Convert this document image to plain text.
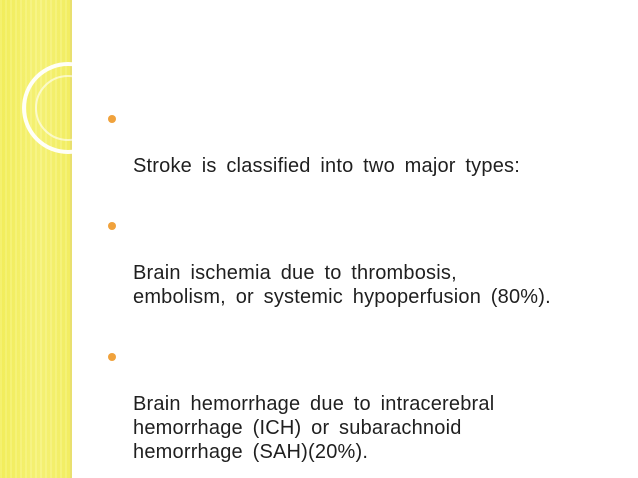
Stroke is classified into two major types:

Brain ischemia due to thrombosis,
embolism, or systemic hypoperfusion (80%).

Brain hemorrhage due to intracerebral
hemorrhage (ICH) or subarachnoid
hemorrhage (SAH)(20%).
